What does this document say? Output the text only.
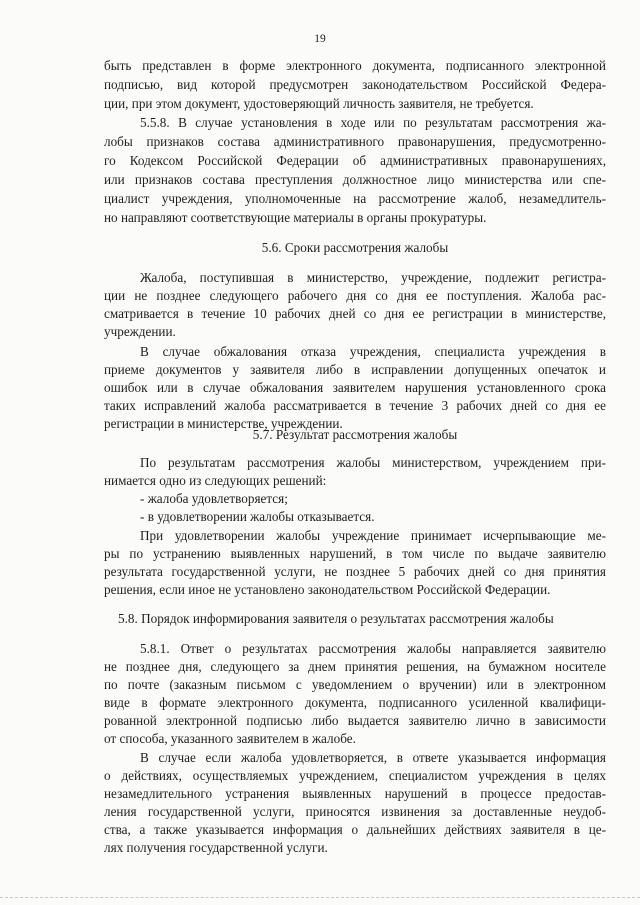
19
быть представлен в форме электронного документа, подписанного электронной
подписью, вид которой предусмотрен законодательством Российской Федера-
ции, при этом документ, удостоверяющий личность заявителя, не требуется.
5.5.8. В случае установления в ходе или по результатам рассмотрения жа-
лобы признаков состава административного правонарушения, предусмотренно-
го Кодексом Российской Федерации об административных правонарушениях,
или признаков состава преступления должностное лицо министерства или спе-
циалист учреждения, уполномоченные на рассмотрение жалоб, незамедлитель-
но направляют соответствующие материалы в органы прокуратуры.
5.6. Сроки рассмотрения жалобы
Жалоба, поступившая в министерство, учреждение, подлежит регистра-
ции не позднее следующего рабочего дня со дня ее поступления. Жалоба рас-
сматривается в течение 10 рабочих дней со дня ее регистрации в министерстве,
учреждении.
В случае обжалования отказа учреждения, специалиста учреждения в
приеме документов у заявителя либо в исправлении допущенных опечаток и
ошибок или в случае обжалования заявителем нарушения установленного срока
таких исправлений жалоба рассматривается в течение 3 рабочих дней со дня ее
регистрации в министерстве, учреждении.
5.7. Результат рассмотрения жалобы
По результатам рассмотрения жалобы министерством, учреждением при-
нимается одно из следующих решений:
- жалоба удовлетворяется;
- в удовлетворении жалобы отказывается.
При удовлетворении жалобы учреждение принимает исчерпывающие ме-
ры по устранению выявленных нарушений, в том числе по выдаче заявителю
результата государственной услуги, не позднее 5 рабочих дней со дня принятия
решения, если иное не установлено законодательством Российской Федерации.
5.8. Порядок информирования заявителя о результатах рассмотрения жалобы
5.8.1. Ответ о результатах рассмотрения жалобы направляется заявителю
не позднее дня, следующего за днем принятия решения, на бумажном носителе
по почте (заказным письмом с уведомлением о вручении) или в электронном
виде в формате электронного документа, подписанного усиленной квалифици-
рованной электронной подписью либо выдается заявителю лично в зависимости
от способа, указанного заявителем в жалобе.
В случае если жалоба удовлетворяется, в ответе указывается информация
о действиях, осуществляемых учреждением, специалистом учреждения в целях
незамедлительного устранения выявленных нарушений в процессе предостав-
ления государственной услуги, приносятся извинения за доставленные неудоб-
ства, а также указывается информация о дальнейших действиях заявителя в це-
лях получения государственной услуги.
